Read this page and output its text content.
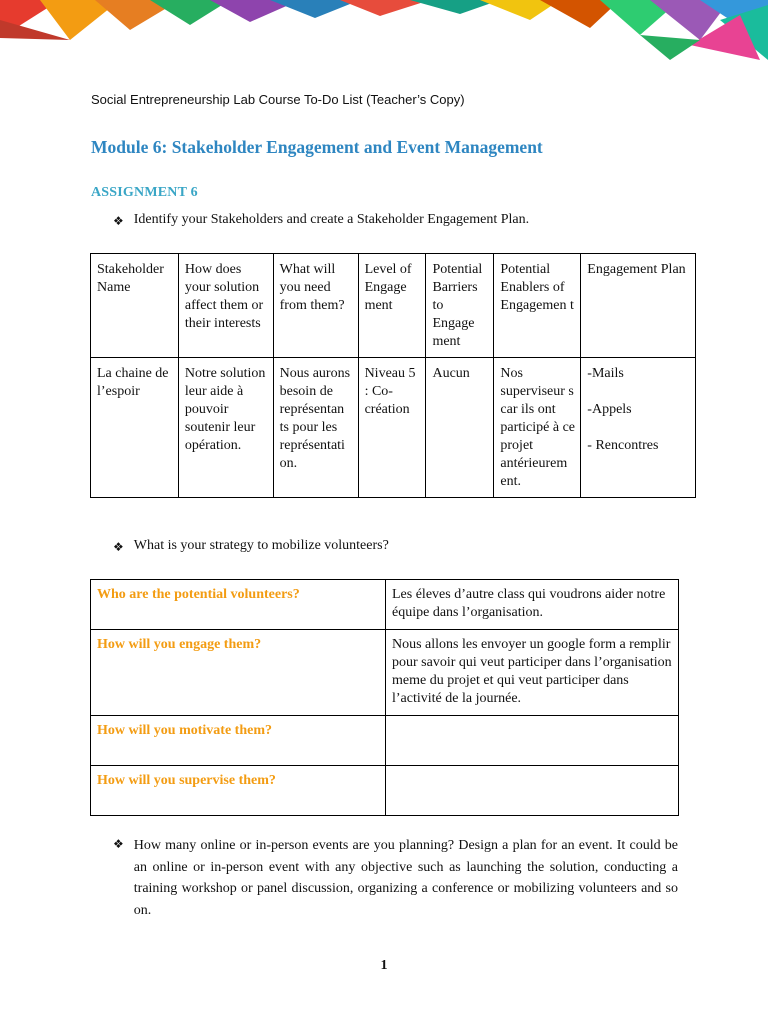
Social Entrepreneurship Lab Course To-Do List (Teacher’s Copy)
Module 6: Stakeholder Engagement and Event Management
ASSIGNMENT 6
❖ Identify your Stakeholders and create a Stakeholder Engagement Plan.
Stakeholder Name	How does your solution affect them or their interests	What will you need from them?	Level of Engage ment	Potential Barriers to Engage ment	Potential Enablers of Engagemen t	Engagement Plan
La chaine de l’espoir	Notre solution leur aide à pouvoir soutenir leur opération.	Nous aurons besoin de représentan ts pour les représentati on.	Niveau 5 : Co-création	Aucun	Nos superviseur s car ils ont participé à ce projet antérieurem ent.	-Mails
-Appels
- Rencontres
❖ What is your strategy to mobilize volunteers?
Who are the potential volunteers?	Les éleves d’autre class qui voudrons aider notre équipe dans l’organisation.
How will you engage them?	Nous allons les envoyer un google form a remplir pour savoir qui veut participer dans l’organisation meme du projet et qui veut participer dans l’activité de la journée.
How will you motivate them?	
How will you supervise them?	
❖ How many online or in-person events are you planning? Design a plan for an event. It could be an online or in-person event with any objective such as launching the solution, conducting a training workshop or panel discussion, organizing a conference or mobilizing volunteers and so on.
1
